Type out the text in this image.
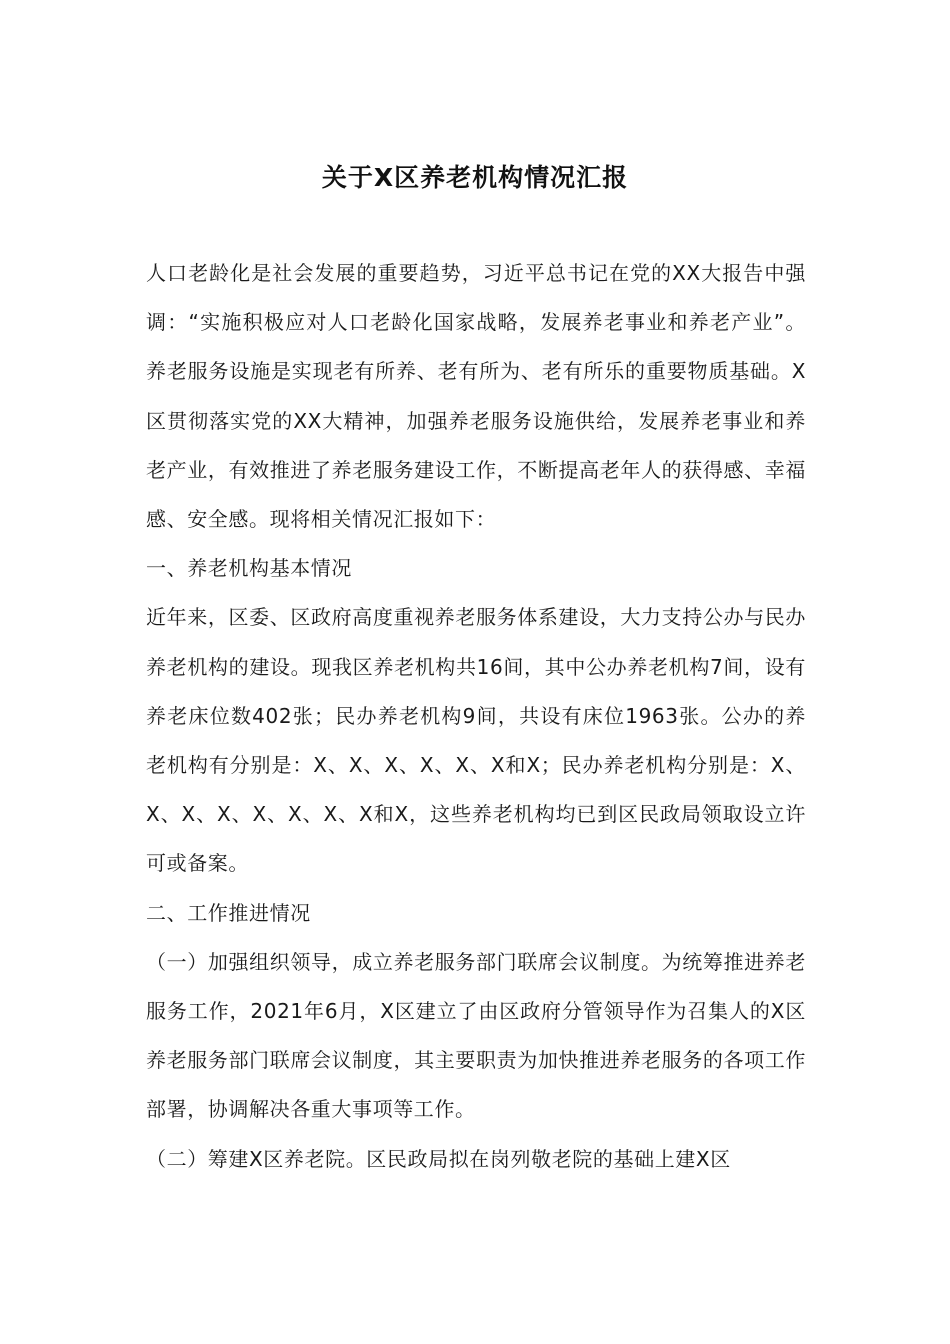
关于X区养老机构情况汇报

人口老龄化是社会发展的重要趋势，习近平总书记在党的XX大报告中强调：“实施积极应对人口老龄化国家战略，发展养老事业和养老产业”。养老服务设施是实现老有所养、老有所为、老有所乐的重要物质基础。X区贯彻落实党的XX大精神，加强养老服务设施供给，发展养老事业和养老产业，有效推进了养老服务建设工作，不断提高老年人的获得感、幸福感、安全感。现将相关情况汇报如下：

一、养老机构基本情况

近年来，区委、区政府高度重视养老服务体系建设，大力支持公办与民办养老机构的建设。现我区养老机构共16间，其中公办养老机构7间，设有养老床位数402张；民办养老机构9间，共设有床位1963张。公办的养老机构有分别是：X、X、X、X、X、X和X；民办养老机构分别是：X、X、X、X、X、X、X、X和X，这些养老机构均已到区民政局领取设立许可或备案。

二、工作推进情况

（一）加强组织领导，成立养老服务部门联席会议制度。为统筹推进养老服务工作，2021年6月，X区建立了由区政府分管领导作为召集人的X区养老服务部门联席会议制度，其主要职责为加快推进养老服务的各项工作部署，协调解决各重大事项等工作。

（二）筹建X区养老院。区民政局拟在岗列敬老院的基础上建X区
